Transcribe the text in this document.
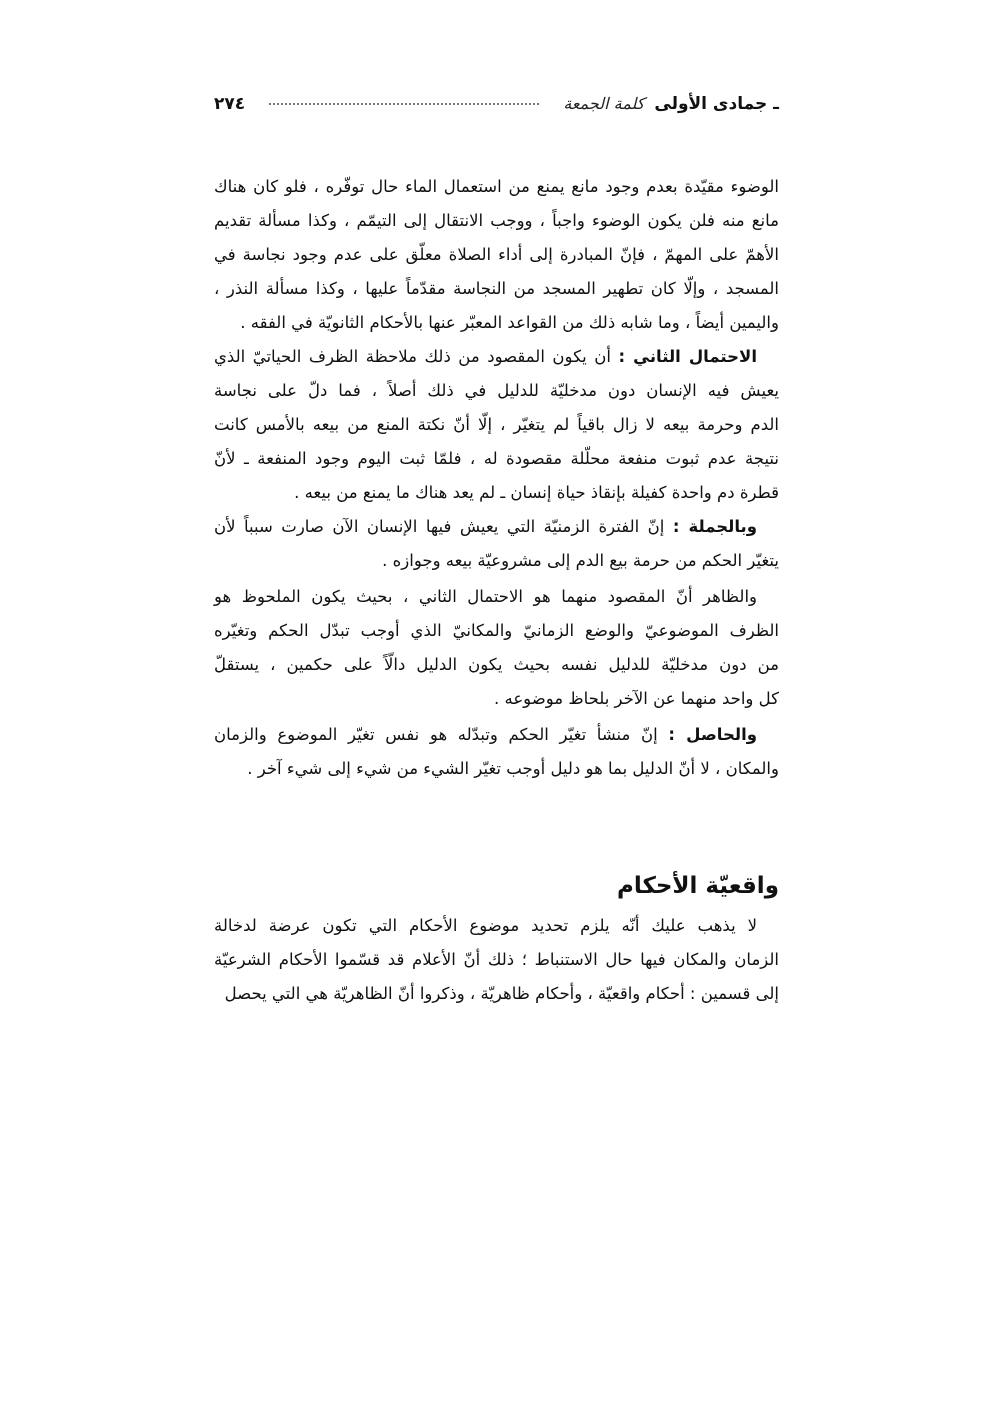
ـ جمادى الأولى
كلمة الجمعة
٢٧٤
الوضوء مقيّدة بعدم وجود مانع يمنع من استعمال الماء حال توفّره ، فلو كان هناك
مانع منه فلن يكون الوضوء واجباً ، ووجب الانتقال إلى التيمّم ، وكذا مسألة تقديم
الأهمّ على المهمّ ، فإنّ المبادرة إلى أداء الصلاة معلّق على عدم وجود نجاسة في
المسجد ، وإلّا كان تطهير المسجد من النجاسة مقدّماً عليها ، وكذا مسألة النذر ،
واليمين أيضاً ، وما شابه ذلك من القواعد المعبّر عنها بالأحكام الثانويّة في الفقه .
الاحتمال الثاني : أن يكون المقصود من ذلك ملاحظة الظرف الحياتيّ الذي
يعيش فيه الإنسان دون مدخليّة للدليل في ذلك أصلاً ، فما دلّ على نجاسة
الدم وحرمة بيعه لا زال باقياً لم يتغيّر ، إلّا أنّ نكتة المنع من بيعه بالأمس كانت
نتيجة عدم ثبوت منفعة محلّلة مقصودة له ، فلمّا ثبت اليوم وجود المنفعة ـ لأنّ
قطرة دم واحدة كفيلة بإنقاذ حياة إنسان ـ لم يعد هناك ما يمنع من بيعه .
وبالجملة : إنّ الفترة الزمنيّة التي يعيش فيها الإنسان الآن صارت سبباً لأن
يتغيّر الحكم من حرمة بيع الدم إلى مشروعيّة بيعه وجوازه .
والظاهر أنّ المقصود منهما هو الاحتمال الثاني ، بحيث يكون الملحوظ هو
الظرف الموضوعيّ والوضع الزمانيّ والمكانيّ الذي أوجب تبدّل الحكم وتغيّره
من دون مدخليّة للدليل نفسه بحيث يكون الدليل دالّاً على حكمين ، يستقلّ
كل واحد منهما عن الآخر بلحاظ موضوعه .
والحاصل : إنّ منشأ تغيّر الحكم وتبدّله هو نفس تغيّر الموضوع والزمان
والمكان ، لا أنّ الدليل بما هو دليل أوجب تغيّر الشيء من شيء إلى شيء آخر .
لا يذهب عليك أنّه يلزم تحديد موضوع الأحكام التي تكون عرضة لدخالة
الزمان والمكان فيها حال الاستنباط ؛ ذلك أنّ الأعلام قد قسّموا الأحكام الشرعيّة
إلى قسمين : أحكام واقعيّة ، وأحكام ظاهريّة ، وذكروا أنّ الظاهريّة هي التي يحصل
واقعيّة الأحكام
